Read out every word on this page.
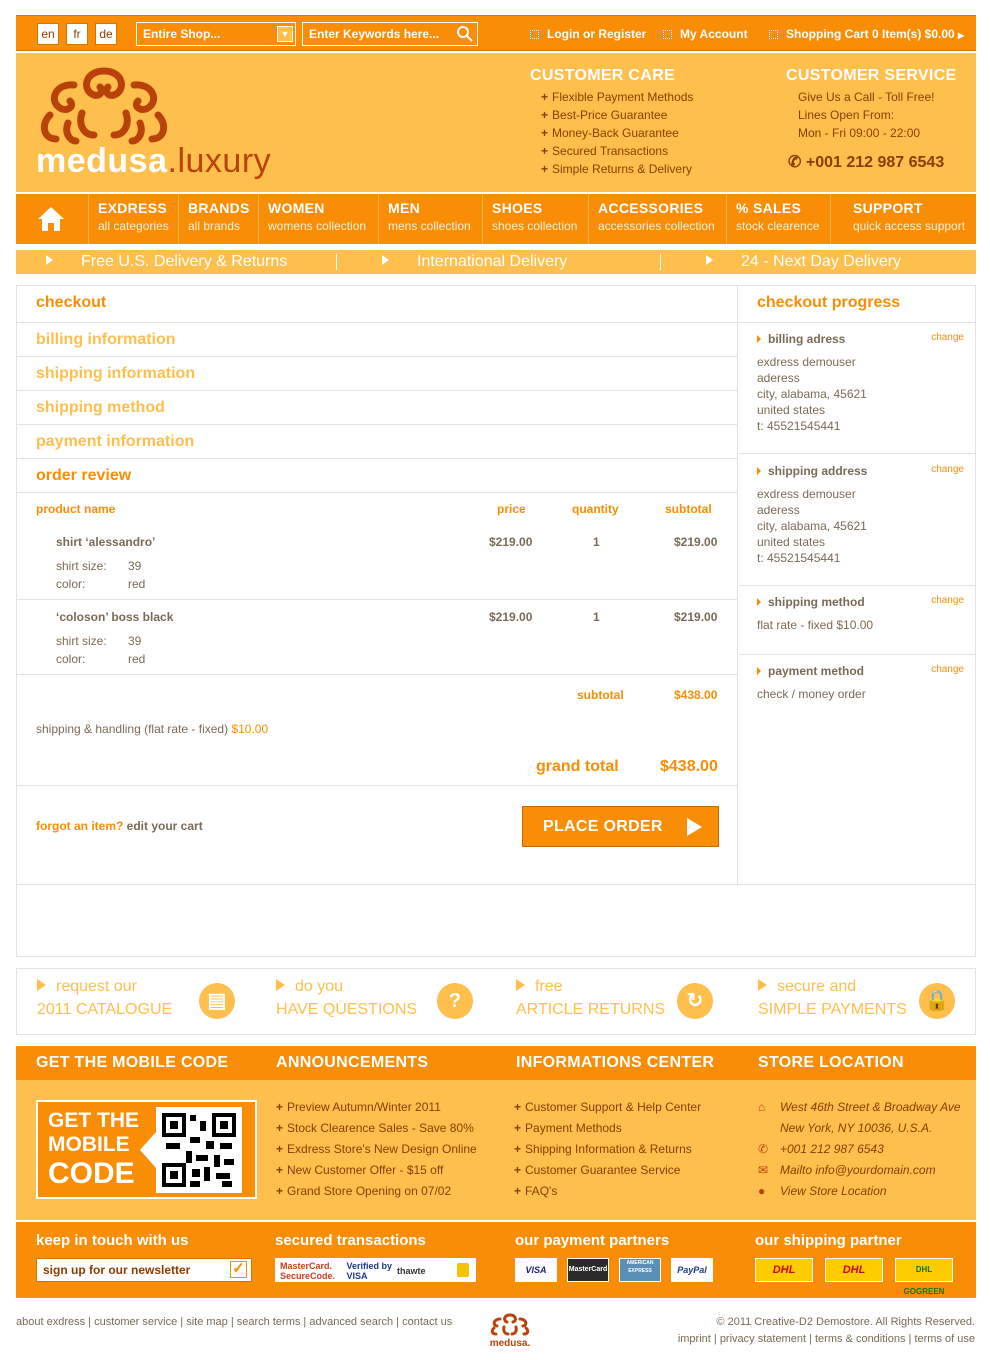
en	fr	de	Entire Shop...	▼	Enter Keywords here...	Login or Register	My Account	Shopping Cart 0 Item(s) $0.00 ▶
medusa.luxury
CUSTOMER CARE
+ Flexible Payment Methods
+ Best-Price Guarantee
+ Money-Back Guarantee
+ Secured Transactions
+ Simple Returns & Delivery
CUSTOMER SERVICE
Give Us a Call - Toll Free!
Lines Open From:
Mon - Fri 09:00 - 22:00
✆ +001 212 987 6543
EXDRESS
all categories
BRANDS
all brands
WOMEN
womens collection
MEN
mens collection
SHOES
shoes collection
ACCESSORIES
accessories collection
% SALES
stock clearence
SUPPORT
quick access support
Free U.S. Delivery & Returns	International Delivery	24 - Next Day Delivery
checkout
billing information
shipping information
shipping method
payment information
order review
product name	price	quantity	subtotal
shirt ‘alessandro’	$219.00	1	$219.00
shirt size: 39
color:	red
‘coloson’ boss black	$219.00	1	$219.00
shirt size: 39
color:	red
subtotal	$438.00
shipping & handling (flat rate - fixed) $10.00
grand total	$438.00
forgot an item? edit your cart	PLACE ORDER
checkout progress
billing adress
exdress demouser
aderess
city, alabama, 45621
united states
t: 45521545441
change
shipping address
exdress demouser
aderess
city, alabama, 45621
united states
t: 45521545441
change
shipping method
flat rate - fixed $10.00
change
payment method
check / money order
change
request our
2011 CATALOGUE	▤
do you
HAVE QUESTIONS	?
free
ARTICLE RETURNS	↻
secure and
SIMPLE PAYMENTS 🔒
GET THE MOBILE CODE	ANNOUNCEMENTS	INFORMATIONS CENTER	STORE LOCATION
GET THE
MOBILE
CODE
+ Preview Autumn/Winter 2011
+ Stock Clearence Sales - Save 80%
+ Exdress Store's New Design Online
+ New Customer Offer - $15 off
+ Grand Store Opening on 07/02
+ Customer Support & Help Center
+ Payment Methods
+ Shipping Information & Returns
+ Customer Guarantee Service
+ FAQ's
⌂ West 46th Street & Broadway Ave
New York, NY 10036, U.S.A.
✆ +001 212 987 6543
✉ Mailto info@yourdomain.com
● View Store Location
keep in touch with us	secured transactions	our payment partners	our shipping partner
sign up for our newsletter	✓	MasterCard. SecureCode. Verified by VISA	thawte	VISA	MasterCard
AMERICAN EXPRESS	PayPal	DHL	DHL	DHL GOGREEN
about exdress | customer service | site map | search terms | advanced search | contact us
medusa.
© 2011 Creative-D2 Demostore. All Rights Reserved.
imprint | privacy statement | terms & conditions | terms of use
